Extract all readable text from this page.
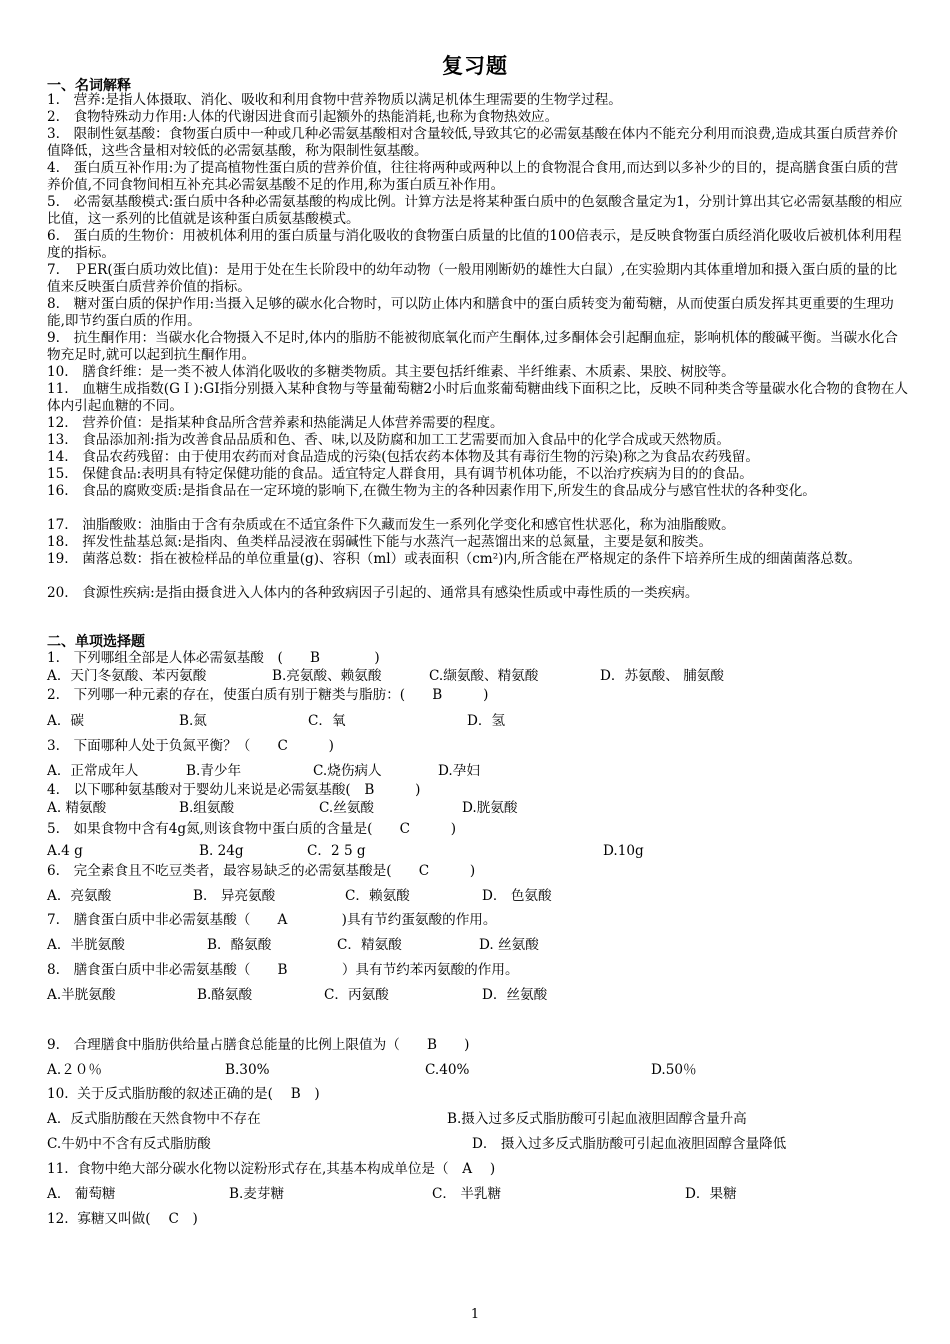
复习题
一、名词解释
1.　营养:是指人体摄取、消化、吸收和利用食物中营养物质以满足机体生理需要的生物学过程。
2.　食物特殊动力作用:人体的代谢因进食而引起额外的热能消耗,也称为食物热效应。
3.　限制性氨基酸：食物蛋白质中一种或几种必需氨基酸相对含量较低,导致其它的必需氨基酸在体内不能充分利用而浪费,造成其蛋白质营养价值降低，这些含量相对较低的必需氨基酸，称为限制性氨基酸。
4.　蛋白质互补作用:为了提高植物性蛋白质的营养价值，往往将两种或两种以上的食物混合食用,而达到以多补少的目的，提高膳食蛋白质的营养价值,不同食物间相互补充其必需氨基酸不足的作用,称为蛋白质互补作用。
5.　必需氨基酸模式:蛋白质中各种必需氨基酸的构成比例。计算方法是将某种蛋白质中的色氨酸含量定为1，分别计算出其它必需氨基酸的相应比值，这一系列的比值就是该种蛋白质氨基酸模式。
6.　蛋白质的生物价：用被机体利用的蛋白质量与消化吸收的食物蛋白质量的比值的100倍表示，是反映食物蛋白质经消化吸收后被机体利用程度的指标。
7.　ＰER(蛋白质功效比值)：是用于处在生长阶段中的幼年动物（一般用刚断奶的雄性大白鼠）,在实验期内其体重增加和摄入蛋白质的量的比值来反映蛋白质营养价值的指标。
8.　糖对蛋白质的保护作用:当摄入足够的碳水化合物时，可以防止体内和膳食中的蛋白质转变为葡萄糖，从而使蛋白质发挥其更重要的生理功能,即节约蛋白质的作用。
9.　抗生酮作用：当碳水化合物摄入不足时,体内的脂肪不能被彻底氧化而产生酮体,过多酮体会引起酮血症，影响机体的酸碱平衡。当碳水化合物充足时,就可以起到抗生酮作用。
10.　膳食纤维：是一类不被人体消化吸收的多糖类物质。其主要包括纤维素、半纤维素、木质素、果胶、树胶等。
11.　血糖生成指数(GＩ):GI指分别摄入某种食物与等量葡萄糖2小时后血浆葡萄糖曲线下面积之比，反映不同种类含等量碳水化合物的食物在人体内引起血糖的不同。
12.　营养价值：是指某种食品所含营养素和热能满足人体营养需要的程度。
13.　食品添加剂:指为改善食品品质和色、香、味,以及防腐和加工工艺需要而加入食品中的化学合成或天然物质。
14.　食品农药残留：由于使用农药而对食品造成的污染(包括农药本体物及其有毒衍生物的污染)称之为食品农药残留。
15.　保健食品:表明具有特定保健功能的食品。适宜特定人群食用，具有调节机体功能，不以治疗疾病为目的的食品。
16.　食品的腐败变质:是指食品在一定环境的影响下,在微生物为主的各种因素作用下,所发生的食品成分与感官性状的各种变化。
17.　油脂酸败：油脂由于含有杂质或在不适宜条件下久藏而发生一系列化学变化和感官性状恶化，称为油脂酸败。
18.　挥发性盐基总氮:是指肉、鱼类样品浸液在弱碱性下能与水蒸汽一起蒸馏出来的总氮量，主要是氨和胺类。
19.　菌落总数：指在被检样品的单位重量(g)、容积（ml）或表面积（cm²)内,所含能在严格规定的条件下培养所生成的细菌菌落总数。
20.　食源性疾病:是指由摄食进入人体内的各种致病因子引起的、通常具有感染性质或中毒性质的一类疾病。
二、单项选择题
1.　下列哪组全部是人体必需氨基酸　(　　B　　　　)
A．天门冬氨酸、苯丙氨酸	B.亮氨酸、赖氨酸	C.缬氨酸、精氨酸	D．苏氨酸、 脯氨酸
2.　下列哪一种元素的存在，使蛋白质有别于糖类与脂肪：(　　B　　　)
A．碳	B.氮	C．氧	D．氢
3.　下面哪种人处于负氮平衡？（　　C　　　)
A．正常成年人	B.青少年	C.烧伤病人	D.孕妇
4.　以下哪种氨基酸对于婴幼儿来说是必需氨基酸(　B　　　)
A. 精氨酸	B.组氨酸	C.丝氨酸	D.胱氨酸
5.　如果食物中含有4g氮,则该食物中蛋白质的含量是(　　C　　　)
A.4 g	B. 24g	C．2 5 g	D.10g
6.　完全素食且不吃豆类者，最容易缺乏的必需氨基酸是(　　C　　　)
A．亮氨酸	B． 异亮氨酸	C．赖氨酸	D． 色氨酸
7.　膳食蛋白质中非必需氨基酸（　　A　　　　)具有节约蛋氨酸的作用。
A．半胱氨酸	B．酪氨酸	C．精氨酸	D. 丝氨酸
8.　膳食蛋白质中非必需氨基酸（　　B　　　　）具有节约苯丙氨酸的作用。
A.半胱氨酸	B.酪氨酸	C．丙氨酸	D．丝氨酸
9.　合理膳食中脂肪供给量占膳食总能量的比例上限值为（　　B　　)
A.２０％	B.30%	C.40%	D.50％
10.  关于反式脂肪酸的叙述正确的是(　 B　)
A．反式脂肪酸在天然食物中不存在	B.摄入过多反式脂肪酸可引起血液胆固醇含量升高
C.牛奶中不含有反式脂肪酸	D． 摄入过多反式脂肪酸可引起血液胆固醇含量降低
11.  食物中绝大部分碳水化物以淀粉形式存在,其基本构成单位是（　A　 )
A． 葡萄糖	B.麦芽糖	C． 半乳糖	D．果糖
12.  寡糖又叫做(　 C　)
1
